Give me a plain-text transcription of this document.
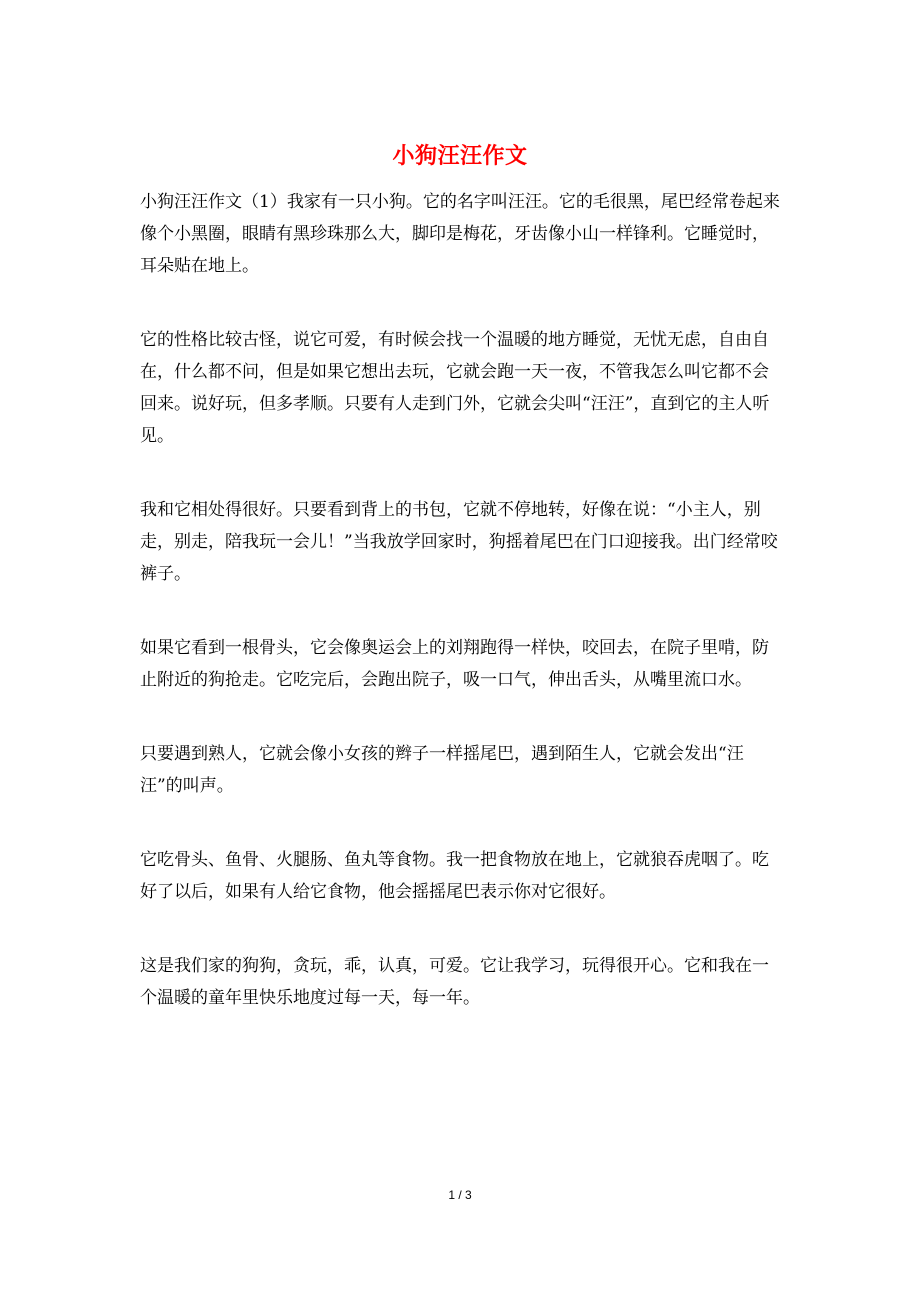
小狗汪汪作文

小狗汪汪作文（1）我家有一只小狗。它的名字叫汪汪。它的毛很黑，尾巴经常卷起来像个小黑圈，眼睛有黑珍珠那么大，脚印是梅花，牙齿像小山一样锋利。它睡觉时，耳朵贴在地上。

它的性格比较古怪，说它可爱，有时候会找一个温暖的地方睡觉，无忧无虑，自由自在，什么都不问，但是如果它想出去玩，它就会跑一天一夜，不管我怎么叫它都不会回来。说好玩，但多孝顺。只要有人走到门外，它就会尖叫“汪汪”，直到它的主人听见。

我和它相处得很好。只要看到背上的书包，它就不停地转，好像在说：“小主人，别走，别走，陪我玩一会儿！”当我放学回家时，狗摇着尾巴在门口迎接我。出门经常咬裤子。

如果它看到一根骨头，它会像奥运会上的刘翔跑得一样快，咬回去，在院子里啃，防止附近的狗抢走。它吃完后，会跑出院子，吸一口气，伸出舌头，从嘴里流口水。

只要遇到熟人，它就会像小女孩的辫子一样摇尾巴，遇到陌生人，它就会发出“汪汪”的叫声。

它吃骨头、鱼骨、火腿肠、鱼丸等食物。我一把食物放在地上，它就狼吞虎咽了。吃好了以后，如果有人给它食物，他会摇摇尾巴表示你对它很好。

这是我们家的狗狗，贪玩，乖，认真，可爱。它让我学习，玩得很开心。它和我在一个温暖的童年里快乐地度过每一天，每一年。

1 / 3
